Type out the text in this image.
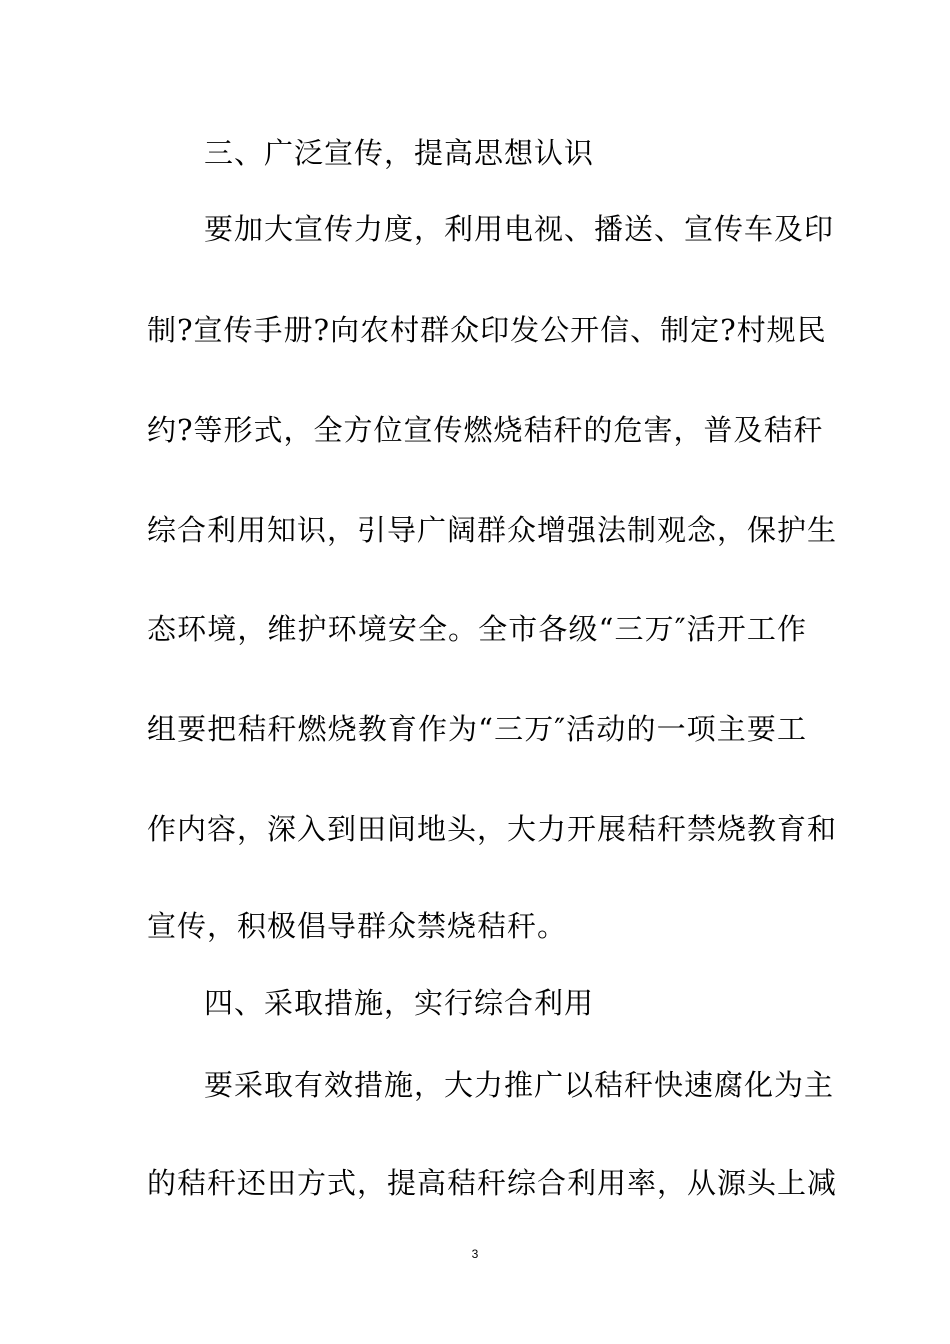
三、广泛宣传，提高思想认识
要加大宣传力度，利用电视、播送、宣传车及印
制?宣传手册?向农村群众印发公开信、制定?村规民
约?等形式，全方位宣传燃烧秸秆的危害，普及秸秆
综合利用知识，引导广阔群众增强法制观念，保护生
态环境，维护环境安全。全市各级“三万″活开工作
组要把秸秆燃烧教育作为“三万″活动的一项主要工
作内容，深入到田间地头，大力开展秸秆禁烧教育和
宣传，积极倡导群众禁烧秸秆。
四、采取措施，实行综合利用
要采取有效措施，大力推广以秸秆快速腐化为主
的秸秆还田方式，提高秸秆综合利用率，从源头上减
3
